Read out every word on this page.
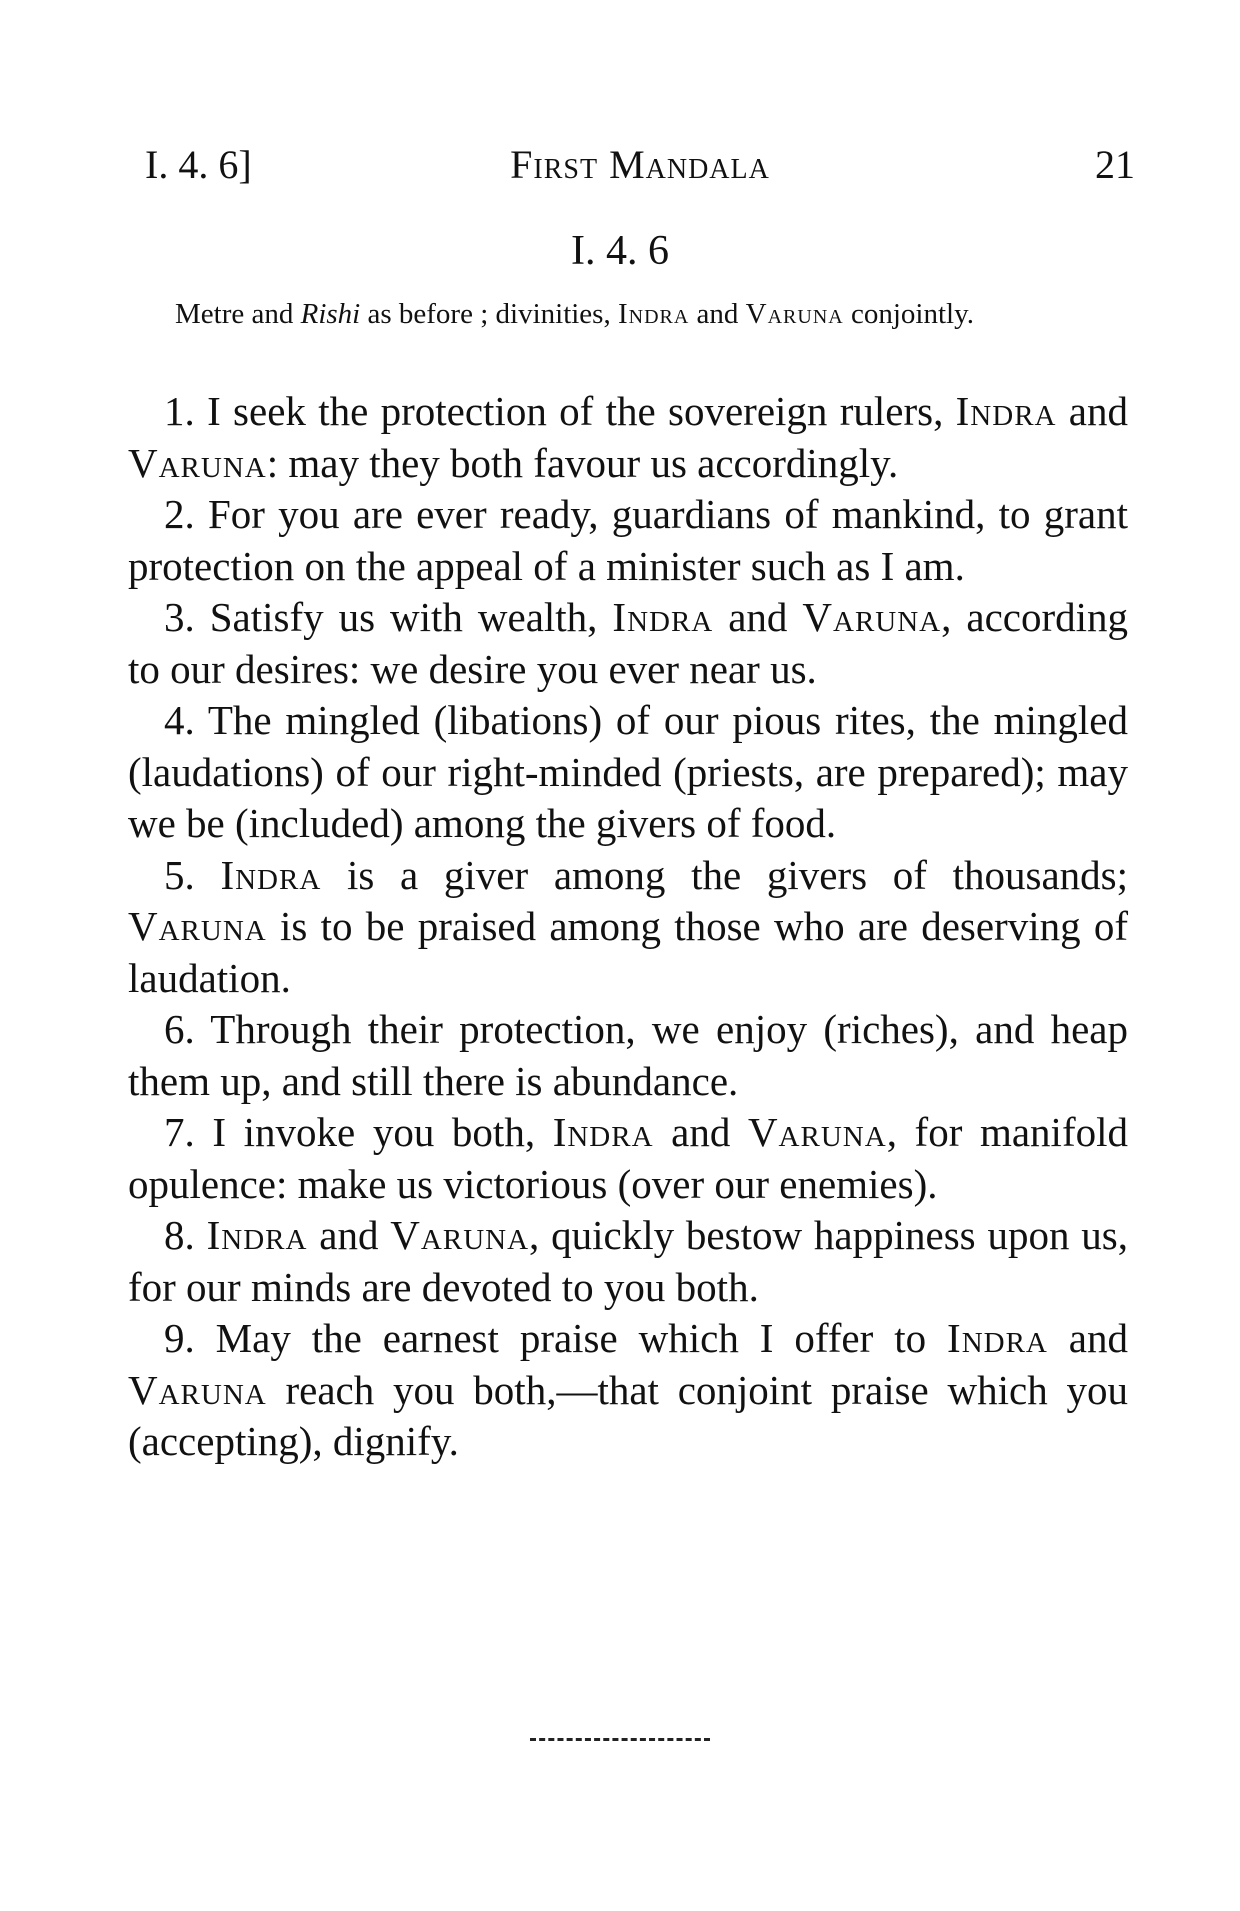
I. 4. 6]	First Mandala	21
I. 4. 6
Metre and Rishi as before ; divinities, Indra and Varuna conjointly.

1. I seek the protection of the sovereign rulers, Indra and Varuna: may they both favour us accordingly.

2. For you are ever ready, guardians of mankind, to grant protection on the appeal of a minister such as I am.

3. Satisfy us with wealth, Indra and Varuna, according to our desires: we desire you ever near us.

4. The mingled (libations) of our pious rites, the mingled (laudations) of our right-minded (priests, are prepared); may we be (included) among the givers of food.

5. Indra is a giver among the givers of thousands; Varuna is to be praised among those who are deserving of laudation.

6. Through their protection, we enjoy (riches), and heap them up, and still there is abundance.

7. I invoke you both, Indra and Varuna, for manifold opulence: make us victorious (over our enemies).

8. Indra and Varuna, quickly bestow happiness upon us, for our minds are devoted to you both.

9. May the earnest praise which I offer to Indra and Varuna reach you both,—that conjoint praise which you (accepting), dignify.
